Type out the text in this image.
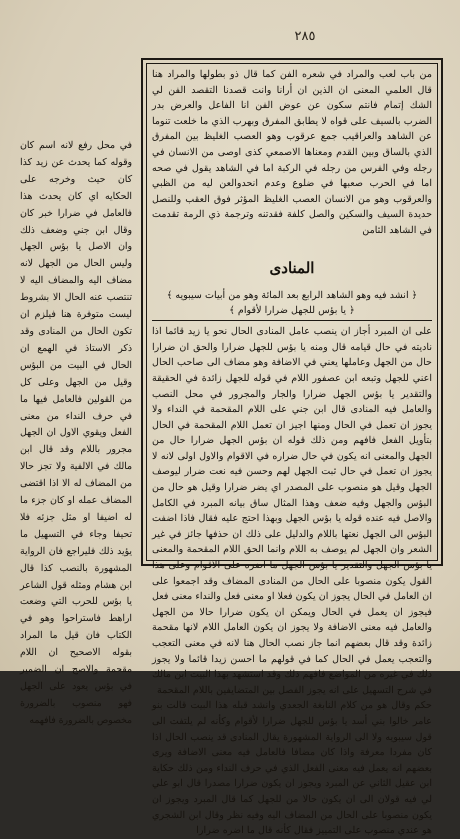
٢٨٥

من باب لعب والمراد في شعره الفن كما قال ذو بطولها والمراد هنا قال العلمي المعنى ان الذين ان أرانا وانت قصدنا التقصد الفن لي الشك إتمام فانتم سكون عن عوض الفن انا الفاعل والعرض بدر الضرب بالسيف على قواه لا يطابق المفرق وبهرب الذي ما خلعت تنوما عن الشاهد والعراقيب جمع عرقوب وهو العصب الغليظ بين المفرق الذي بالساق وبين القدم ومعناها الاصمعي كذى اوصى من الانسان في رجله وفي الفرس من رجله في الركبة اما في الشاهد يقول في صحه اما في الحرب صعبها في ضلوع وعدم انحدوالعن ليه من الظبي والعرقوب وهو من الانسان العصب الغليظ المؤثر فوق العقب وللنصل حديدة السيف والسكين والصل كلفة فقدتنه وترجمة ذي الرمة تقدمت في الشاهد الثامن

المنادى

﴿ انشد فيه وهو الشاهد الرابع بعد المائة وهو من أبيات سيبويه ﴾

﴿ يا بؤس للجهل ضرارا لأقوام ﴾

على ان المبرد أجاز ان ينصب عامل المنادى الحال نحو يا زيد قائما اذا ناديته في حال قيامه قال ومنه يا بؤس للجهل ضرارا والحق ان ضرارا حال من الجهل وعاملها يعني في الاضافة وهو مضاف الى صاحب الحال اعني للجهل وتبعه ابن عصفور اللام في قوله للجهل زائدة في الحقيقة والتقدير يا بؤس الجهل ضرارا والجار والمجرور في محل النصب والعامل فيه المنادى قال ابن جني على اللام المقحمة في النداء ولا يجوز ان تعمل في الحال ومنها اجيز ان تعمل اللام المقحمة في الحال بتأويل الفعل فافهم ومن ذلك قوله ان بؤس الجهل ضرارا حال من الجهل والمعنى انه يكون في حال ضراره في الاقوام والاول اولى لانه لا يجوز ان تعمل في حال ثبت الجهل لهم وحسن فيه نعت ضرار ليوصف الجهل وقيل هو منصوب على المصدر اي يضر ضرارا وقيل هو حال من البؤس والجهل وفيه ضعف وهذا المثال ساق بيانه المبرد في الكامل والاصل فيه عنده قوله يا بؤس الجهل وبهذا احتج عليه فقال فاذا اضفت البؤس الى الجهل نعتها باللام والدليل على ذلك ان حذفها جائز في غير الشعر وان الجهل لم يوصف به اللام وانما الحق اللام المقحمة والمعنى يا بؤس الجهل والتقدير يا بؤس الجهل ما اضره على الاقوام وعلى هذا القول يكون منصوبا على الحال من المنادى المضاف وقد اجمعوا على ان العامل في الحال يجوز ان يكون فعلا او معنى فعل والنداء معنى فعل فيجوز ان يعمل في الحال ويمكن ان يكون ضرارا حالا من الجهل والعامل فيه معنى الاضافة ولا يجوز ان يكون العامل اللام لانها مقحمة زائدة وقد قال بعضهم انما جاز نصب الحال هنا لانه في معنى التعجب والتعجب يعمل في الحال كما في قولهم ما احسن زيدا قائما ولا يجوز ذلك في غيره من المواضع فافهم ذلك وقد استشهد بهذا البيت ابن مالك في شرح التسهيل على انه يجوز الفصل بين المتضايفين باللام المقحمة

حكم وقال هو من كلام النابغة الجعدي وانشد قبله هذا البيت قالت بنو عامر خالوا بني أسد يا بؤس للجهل ضرارا لأقوام وكأنه لم يلتفت الى قول سيبويه ولا الى الرواية المشهورة يقال المنادى قد ينصب الحال اذا كان مفردا معرفة واذا كان مضافا فالعامل فيه معنى الاضافة ويرى بعضهم انه يعمل فيه معنى الفعل الذي في حرف النداء ومن ذلك حكاية ابن عقيل الثاني عن المبرد ويجوز ان يكون ضرارا مصدرا قال ابو علي لي فيه قولان الى ان يكون حالا من للجهل كما قال المبرد ويجوز ان يكون منصوبا على الحال من المضاف اليه وفيه نظر وقال ابن الشجري هو عندي منصوب على التمييز فقال كأنه قال ما اضره ضرارا

في محل رفع لانه اسم كان وقوله كما يحدث عن زيد كذا كان حيث وخرجه على الحكايه اي كان يحدث هذا فالعامل في ضرارا خبر كان وقال ابن جني وضعف ذلك وان الاصل يا بؤس الجهل وليس الحال من الجهل لانه مضاف اليه والمضاف اليه لا تنتصب عنه الحال الا بشروط ليست متوفرة هنا فيلزم ان تكون الحال من المنادى وقد ذكر الاستاذ في الهمع ان الحال في البيت من البؤس وقيل من الجهل وعلى كل من القولين فالعامل فيها ما في حرف النداء من معنى الفعل ويقوي الاول ان الجهل مجرور باللام وقد قال ابن مالك في الالفية ولا تجز حالا من المضاف له الا اذا اقتضى المضاف عمله او كان جزء ما له اضيفا او مثل جزئه فلا تحيفا وجاء في التسهيل ما يؤيد ذلك فليراجع فان الرواية المشهورة بالنصب كذا قال ابن هشام ومثله قول الشاعر يا بؤس للحرب التي وضعت اراهط فاستراحوا وهو في الكتاب فان قيل ما المراد بقوله الاصحيح ان اللام مقحمة والاصح ان الضمير في بؤس يعود على الجهل فهو منصوب بالضرورة مخصوص بالضرورة فافهمه
